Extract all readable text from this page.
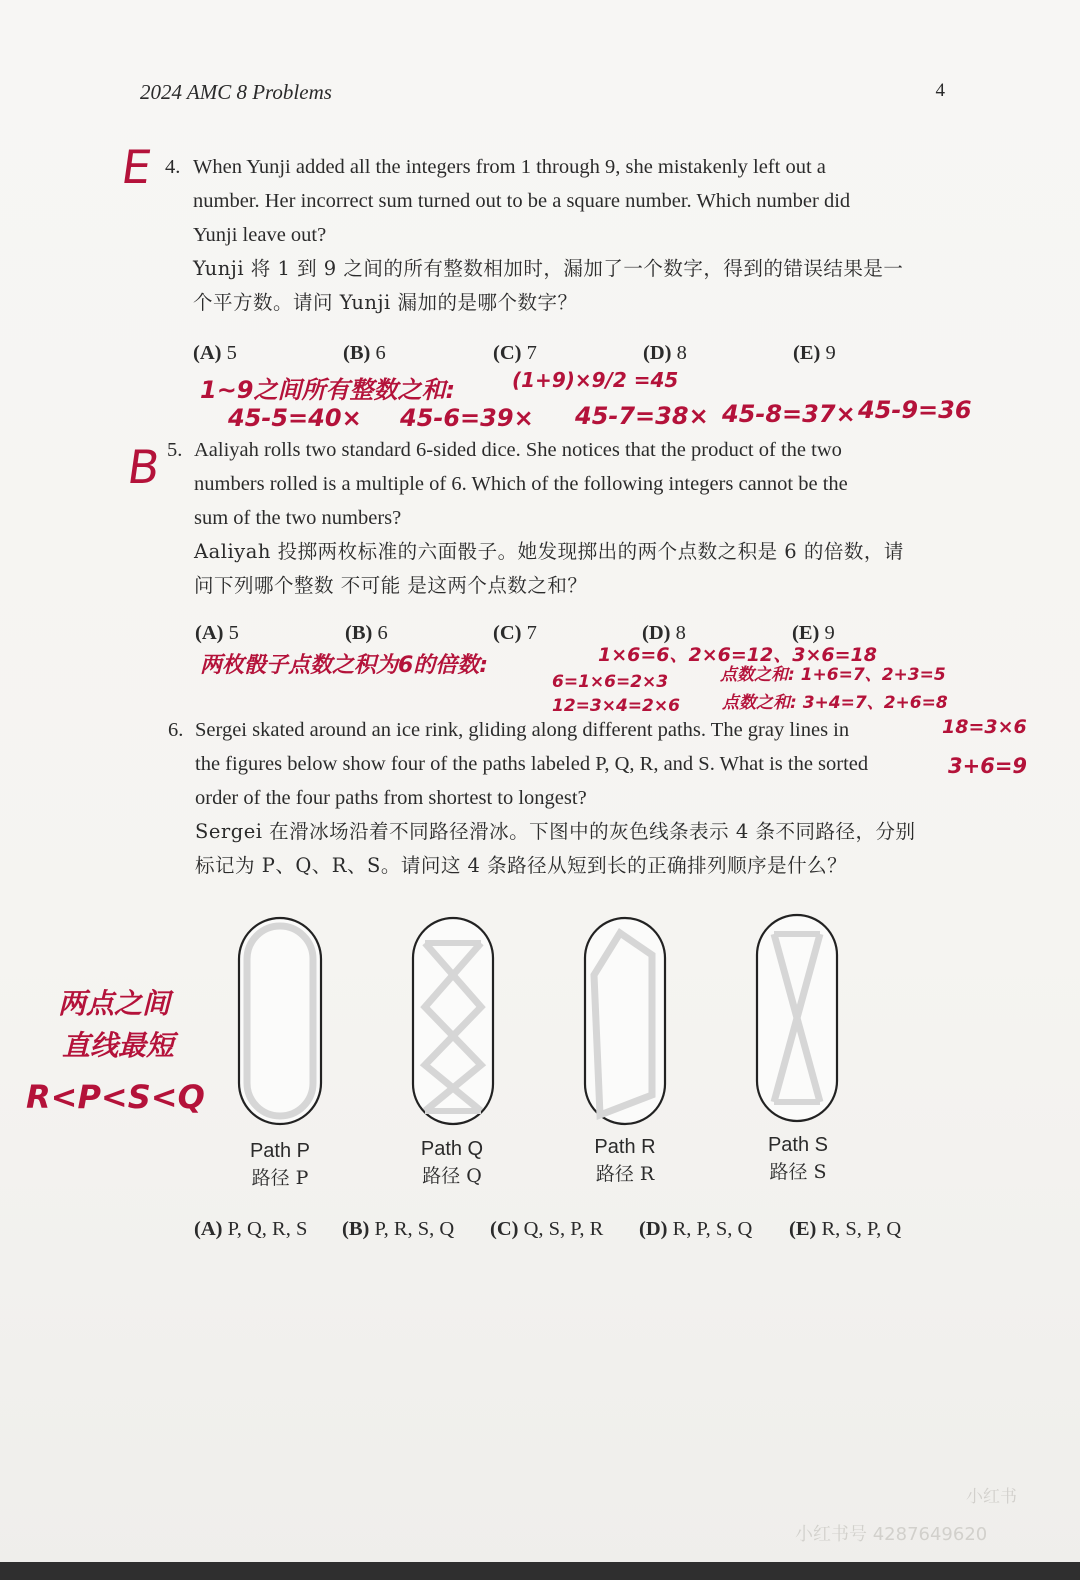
2024 AMC 8 Problems	4
E 4. When Yunji added all the integers from 1 through 9, she mistakenly left out a
number. Her incorrect sum turned out to be a square number. Which number did
Yunji leave out?
Yunji 将 1 到 9 之间的所有整数相加时，漏加了一个数字，得到的错误结果是一
个平方数。请问 Yunji 漏加的是哪个数字？
(A) 5	(B) 6	(C) 7	(D) 8	(E) 9
1~9之间所有整数之和:	(1+9)×9/2 =45
45-5=40× 45-6=39× 45-7=38× 45-8=37× 45-9=36
B 5. Aaliyah rolls two standard 6-sided dice. She notices that the product of the two
numbers rolled is a multiple of 6. Which of the following integers cannot be the
sum of the two numbers?
Aaliyah 投掷两枚标准的六面骰子。她发现掷出的两个点数之积是 6 的倍数，请
问下列哪个整数 不可能 是这两个点数之和？
(A) 5	(B) 6	(C) 7	(D) 8	(E) 9
两枚骰子点数之积为6的倍数:	1×6=6、2×6=12、3×6=18
6=1×6=2×3	点数之和: 1+6=7、2+3=5
12=3×4=2×6 点数之和: 3+4=7、2+6=8
18=3×6
3+6=9
6. Sergei skated around an ice rink, gliding along different paths. The gray lines in
the figures below show four of the paths labeled P, Q, R, and S. What is the sorted
order of the four paths from shortest to longest?
Sergei 在滑冰场沿着不同路径滑冰。下图中的灰色线条表示 4 条不同路径，分别
标记为 P、Q、R、S。请问这 4 条路径从短到长的正确排列顺序是什么？
Path P
路径 P
Path Q
路径 Q
Path R
路径 R
Path S
路径 S
(A) P, Q, R, S (B) P, R, S, Q (C) Q, S, P, R (D) R, P, S, Q (E) R, S, P, Q
两点之间
直线最短
R<P<S<Q
小红书
小红书号 4287649620
